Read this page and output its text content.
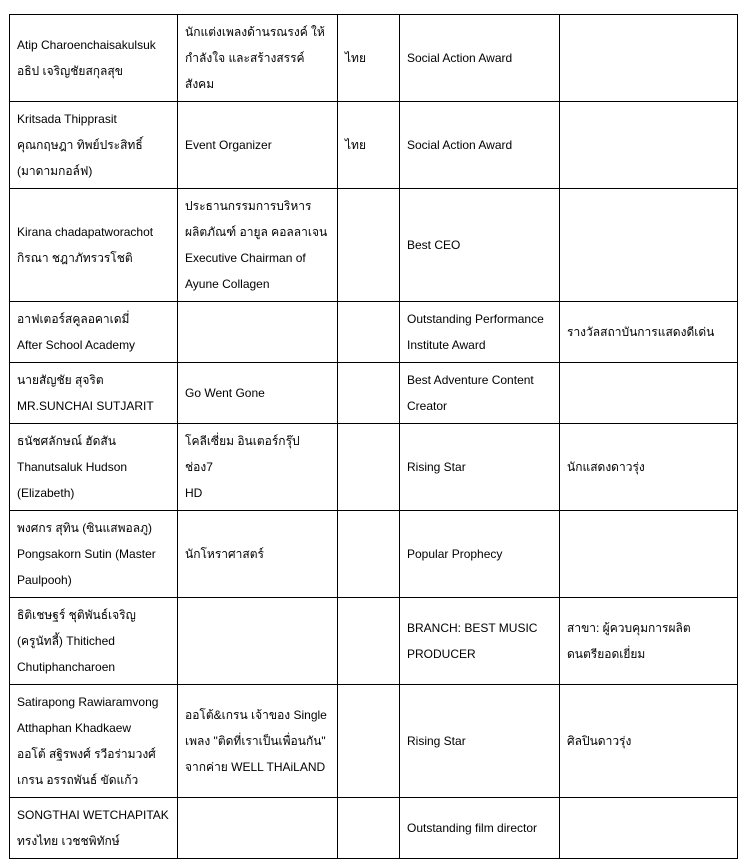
Atip Charoenchaisakulsuk
อธิป เจริญชัยสกุลสุข	นักแต่งเพลงด้านรณรงค์ ให้
กำลังใจ และสร้างสรรค์
สังคม	ไทย	Social Action Award	

Kritsada Thipprasit
คุณกฤษฎา ทิพย์ประสิทธิ์
(มาดามกอล์ฟ)	Event Organizer	ไทย	Social Action Award	

Kirana chadapatworachot
กิรณา ชฎาภัทรวรโชติ	ประธานกรรมการบริหาร
ผลิตภัณฑ์ อายูล คอลลาเจน
Executive Chairman of
Ayune Collagen		Best CEO	

อาฟเตอร์สคูลอคาเดมี่
After School Academy			Outstanding Performance
Institute Award	รางวัลสถาบันการแสดงดีเด่น

นายสัญชัย สุจริต
MR.SUNCHAI SUTJARIT	Go Went Gone		Best Adventure Content
Creator	

ธนัชศลักษณ์ ฮัดสัน
Thanutsaluk Hudson
(Elizabeth)	โคลีเซี่ยม อินเตอร์กรุ๊ป ช่อง7
HD		Rising Star	นักแสดงดาวรุ่ง

พงศกร สุทิน (ซินแสพอลภู)
Pongsakorn Sutin (Master
Paulpooh)	นักโหราศาสตร์		Popular Prophecy	

ธิติเชษฐร์ ชุติพันธ์เจริญ
(ครูนัทลี้) Thitiched
Chutiphancharoen			BRANCH: BEST MUSIC
PRODUCER	สาขา: ผู้ควบคุมการผลิต
ดนตรียอดเยี่ยม

Satirapong Rawiaramvong
Atthaphan Khadkaew
ออโต้ สฐิรพงศ์ รวีอร่ามวงศ์
เกรน อรรถพันธ์ ขัดแก้ว	ออโต้&เกรน เจ้าของ Single
เพลง "ติดที่เราเป็นเพื่อนกัน"
จากค่าย WELL THAiLAND		Rising Star	ศิลปินดาวรุ่ง

SONGTHAI WETCHAPITAK
ทรงไทย เวชชพิทักษ์			Outstanding film director	
